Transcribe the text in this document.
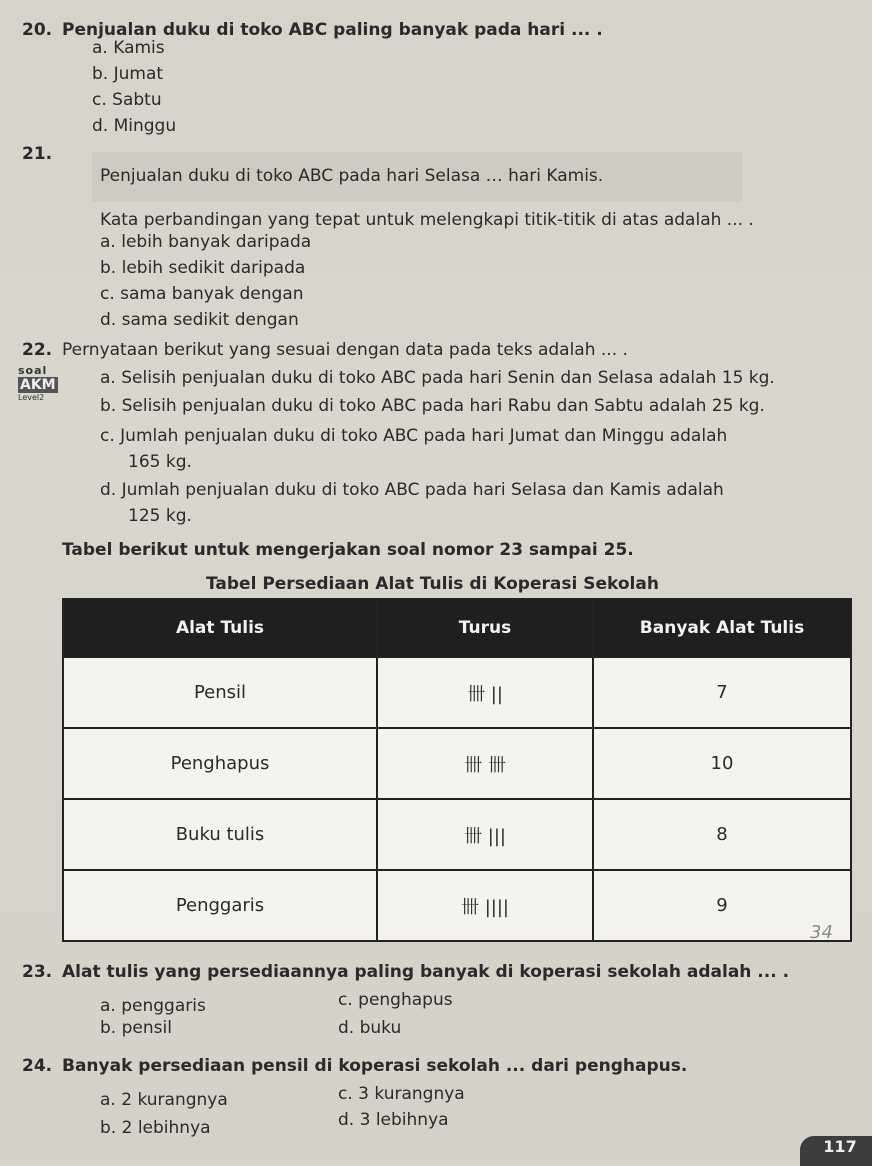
20. Penjualan duku di toko ABC paling banyak pada hari ... .
a. Kamis
b. Jumat
c. Sabtu
d. Minggu
21.
Penjualan duku di toko ABC pada hari Selasa … hari Kamis.
Kata perbandingan yang tepat untuk melengkapi titik-titik di atas adalah ... .
a. lebih banyak daripada
b. lebih sedikit daripada
c. sama banyak dengan
d. sama sedikit dengan
22. Pernyataan berikut yang sesuai dengan data pada teks adalah ... .
soal
AKM
Level2
a. Selisih penjualan duku di toko ABC pada hari Senin dan Selasa adalah 15 kg.
b. Selisih penjualan duku di toko ABC pada hari Rabu dan Sabtu adalah 25 kg.
c. Jumlah penjualan duku di toko ABC pada hari Jumat dan Minggu adalah
165 kg.
d. Jumlah penjualan duku di toko ABC pada hari Selasa dan Kamis adalah
125 kg.
Tabel berikut untuk mengerjakan soal nomor 23 sampai 25.
Tabel Persediaan Alat Tulis di Koperasi Sekolah
Alat Tulis	Turus	Banyak Alat Tulis
Pensil	卌 ||	7
Penghapus	卌 卌	10
Buku tulis	卌 |||	8
Penggaris	卌 ||||	9
34
23. Alat tulis yang persediaannya paling banyak di koperasi sekolah adalah ... .
a. penggaris
b. pensil
c. penghapus
d. buku
24. Banyak persediaan pensil di koperasi sekolah ... dari penghapus.
a. 2 kurangnya
b. 2 lebihnya
c. 3 kurangnya
d. 3 lebihnya
117
